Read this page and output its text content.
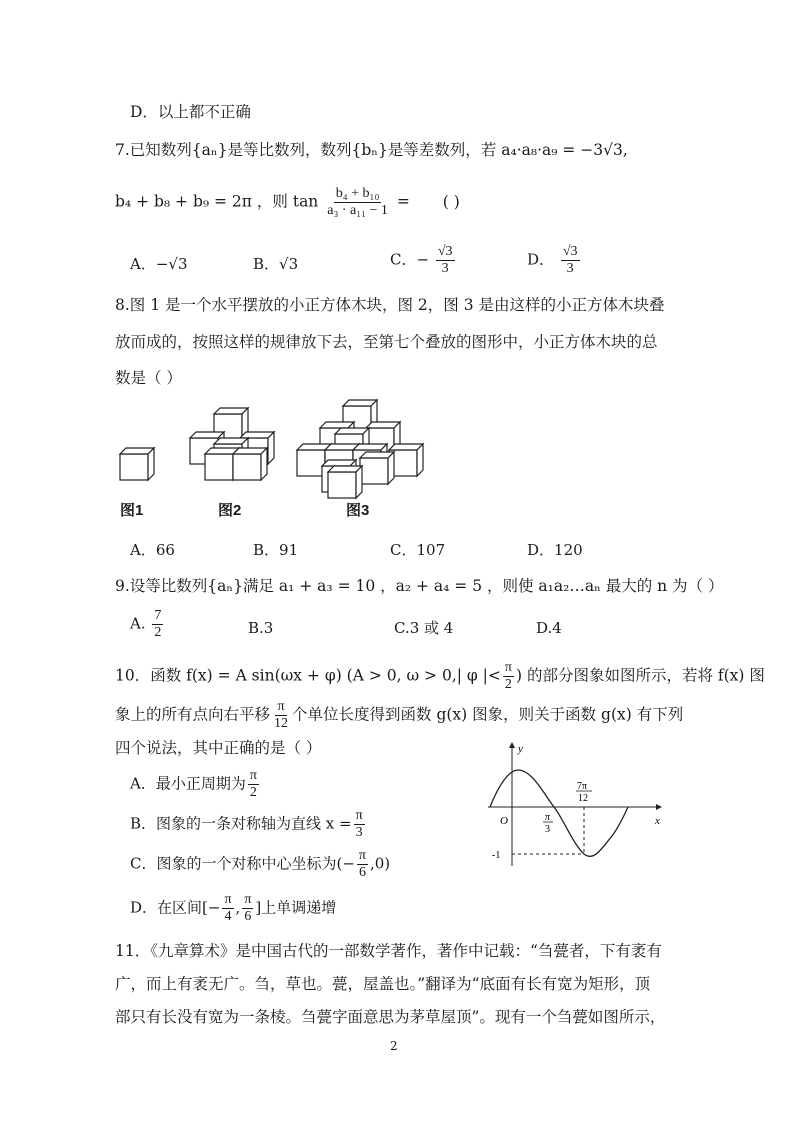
D．以上都不正确
7.已知数列{aₙ}是等比数列，数列{bₙ}是等差数列，若 a₄·a₈·a₉ = −3√3,
b₄ + b₈ + b₉ = 2π ，则 $\tan \frac{\text{b₄ + b₁₀}}{\text{a₃ · a₁₁ − 1}}$ = ( )
A．−√3	B．√3	C．− $\frac{√3}{3}$	D． $\frac{√3}{3}$
8.图 1 是一个水平摆放的小正方体木块，图 2，图 3 是由这样的小正方体木块叠
放而成的，按照这样的规律放下去，至第七个叠放的图形中，小正方体木块的总
数是（ ）
图1	图2	图3
A．66	B．91	C．107	D．120
9.设等比数列{aₙ}满足 a₁ + a₃ = 10 ，a₂ + a₄ = 5 ，则使 a₁a₂…aₙ 最大的 n 为（ ）
A. $\frac{7}{2}$	B.3	C.3 或 4	D.4
10．函数 f(x) = A sin(ωx + φ) (A > 0, ω > 0,| φ |< $\frac{\pi}{2}$ ) 的部分图象如图所示，若将 f(x) 图
象上的所有点向右平移 $\frac{\pi}{12}$ 个单位长度得到函数 g(x) 图象，则关于函数 g(x) 有下列
四个说法，其中正确的是（ ）
A．最小正周期为 $\frac{\pi}{2}$
B．图象的一条对称轴为直线 $x = \frac{\pi}{3}$
C．图象的一个对称中心坐标为(− $\frac{\pi}{6} ,0$)
D．在区间[− $\frac{\pi}{4}$ , $\frac{\pi}{6}$ ]上单调递增
y
x
O	π
3
7π
12
-1
11．《九章算术》是中国古代的一部数学著作，著作中记载：“刍甍者，下有袤有
广，而上有袤无广。刍，草也。甍，屋盖也。”翻译为“底面有长有宽为矩形，顶
部只有长没有宽为一条棱。刍甍字面意思为茅草屋顶”。现有一个刍甍如图所示，
2
